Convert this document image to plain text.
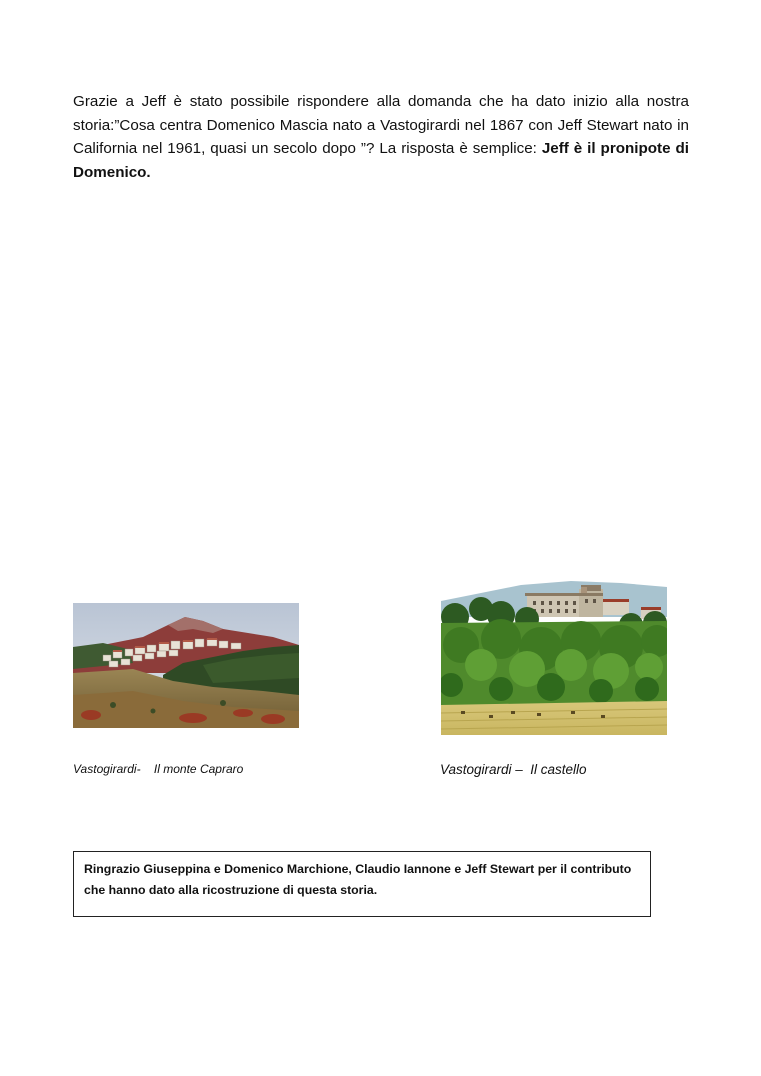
Grazie a Jeff è stato possibile rispondere alla domanda che ha dato inizio alla nostra storia:”Cosa centra Domenico Mascia nato a Vastogirardi nel 1867 con Jeff Stewart nato in California nel 1961, quasi un secolo dopo ”? La risposta è semplice: Jeff è il pronipote di Domenico.

Vastogirardi-    Il monte Capraro	Vastogirardi –  Il castello

Ringrazio Giuseppina e Domenico Marchione, Claudio Iannone e Jeff Stewart per il contributo che hanno dato alla ricostruzione di questa storia.
